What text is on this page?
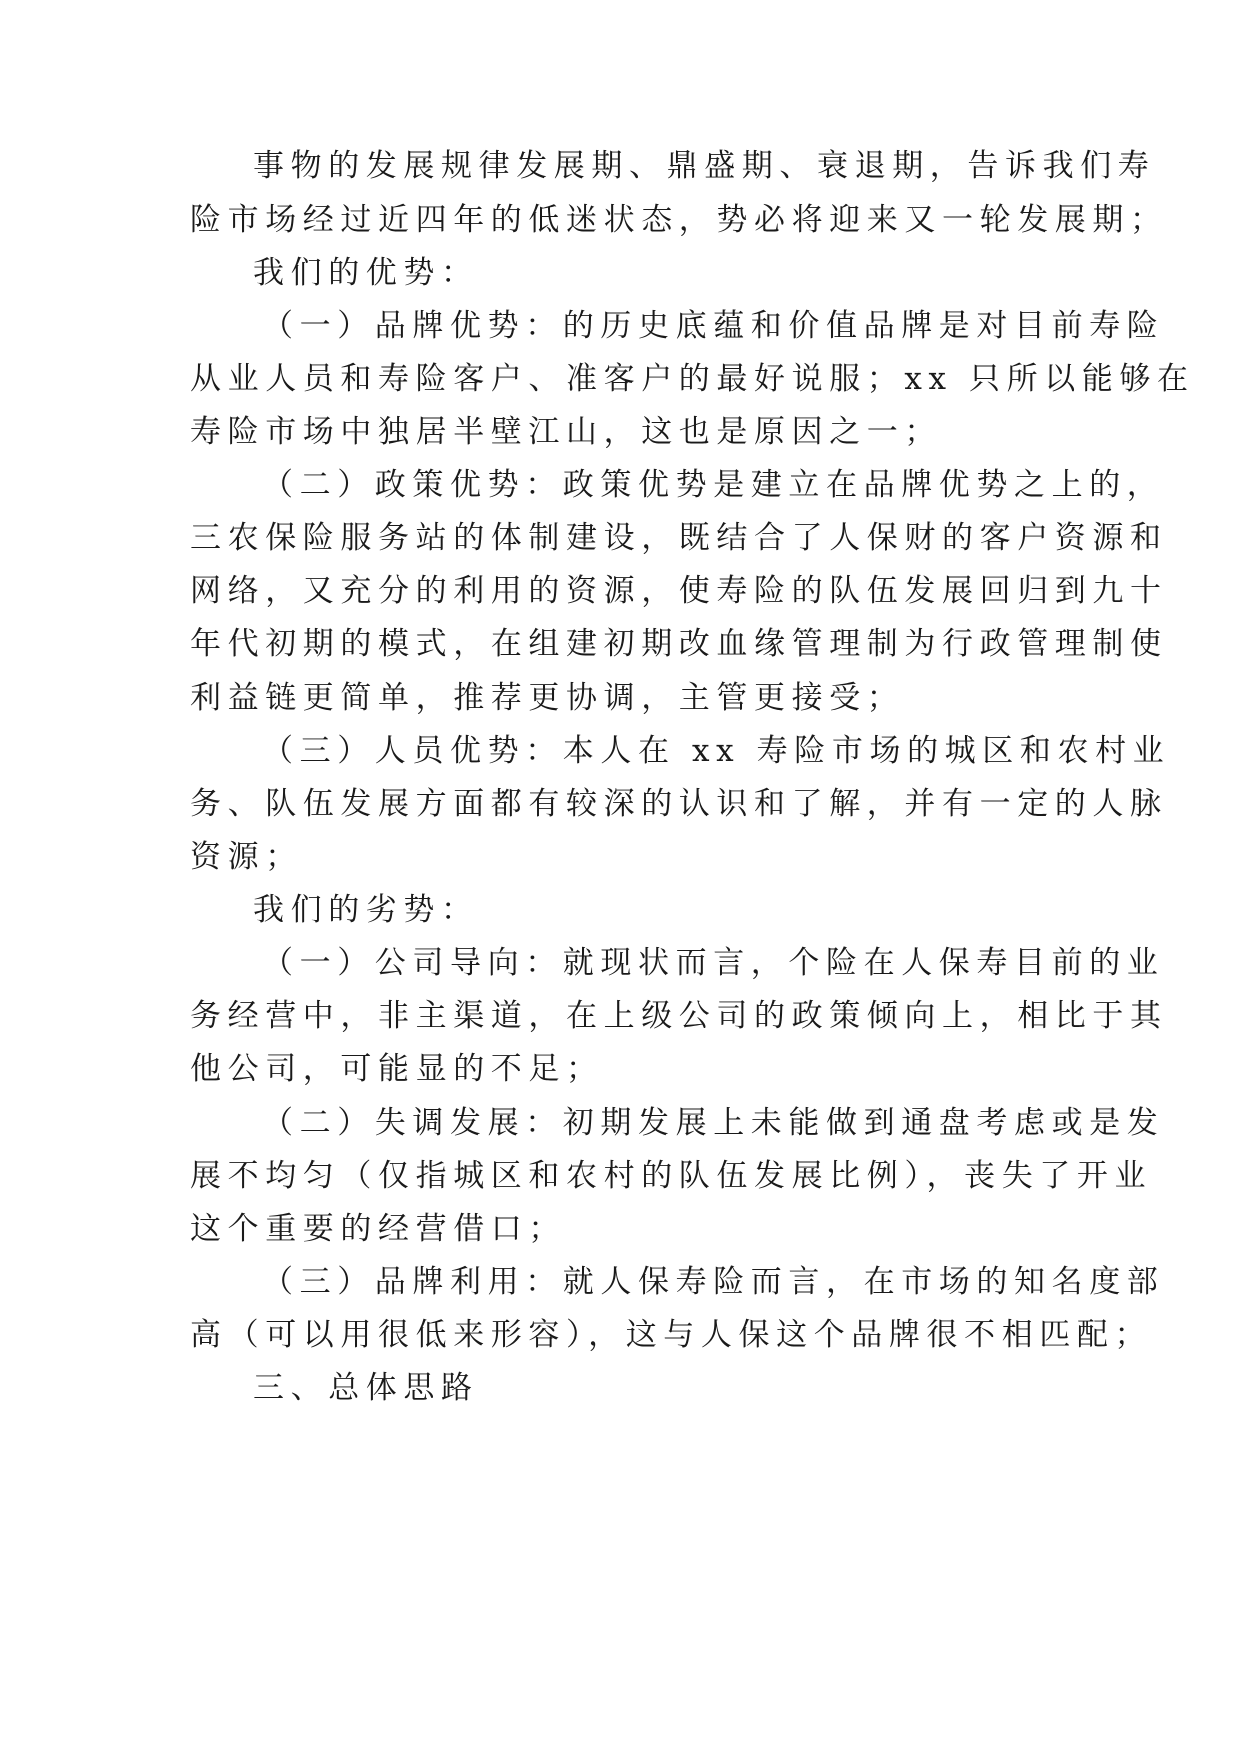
事物的发展规律发展期、鼎盛期、衰退期，告诉我们寿
险市场经过近四年的低迷状态，势必将迎来又一轮发展期；
我们的优势：
（一）品牌优势：的历史底蕴和价值品牌是对目前寿险
从业人员和寿险客户、准客户的最好说服；xx 只所以能够在
寿险市场中独居半壁江山，这也是原因之一；
（二）政策优势：政策优势是建立在品牌优势之上的，
三农保险服务站的体制建设，既结合了人保财的客户资源和
网络，又充分的利用的资源，使寿险的队伍发展回归到九十
年代初期的模式，在组建初期改血缘管理制为行政管理制使
利益链更简单，推荐更协调，主管更接受；
（三）人员优势：本人在 xx 寿险市场的城区和农村业
务、队伍发展方面都有较深的认识和了解，并有一定的人脉
资源；
我们的劣势：
（一）公司导向：就现状而言，个险在人保寿目前的业
务经营中，非主渠道，在上级公司的政策倾向上，相比于其
他公司，可能显的不足；
（二）失调发展：初期发展上未能做到通盘考虑或是发
展不均匀（仅指城区和农村的队伍发展比例），丧失了开业
这个重要的经营借口；
（三）品牌利用：就人保寿险而言，在市场的知名度部
高（可以用很低来形容），这与人保这个品牌很不相匹配；
三、总体思路
